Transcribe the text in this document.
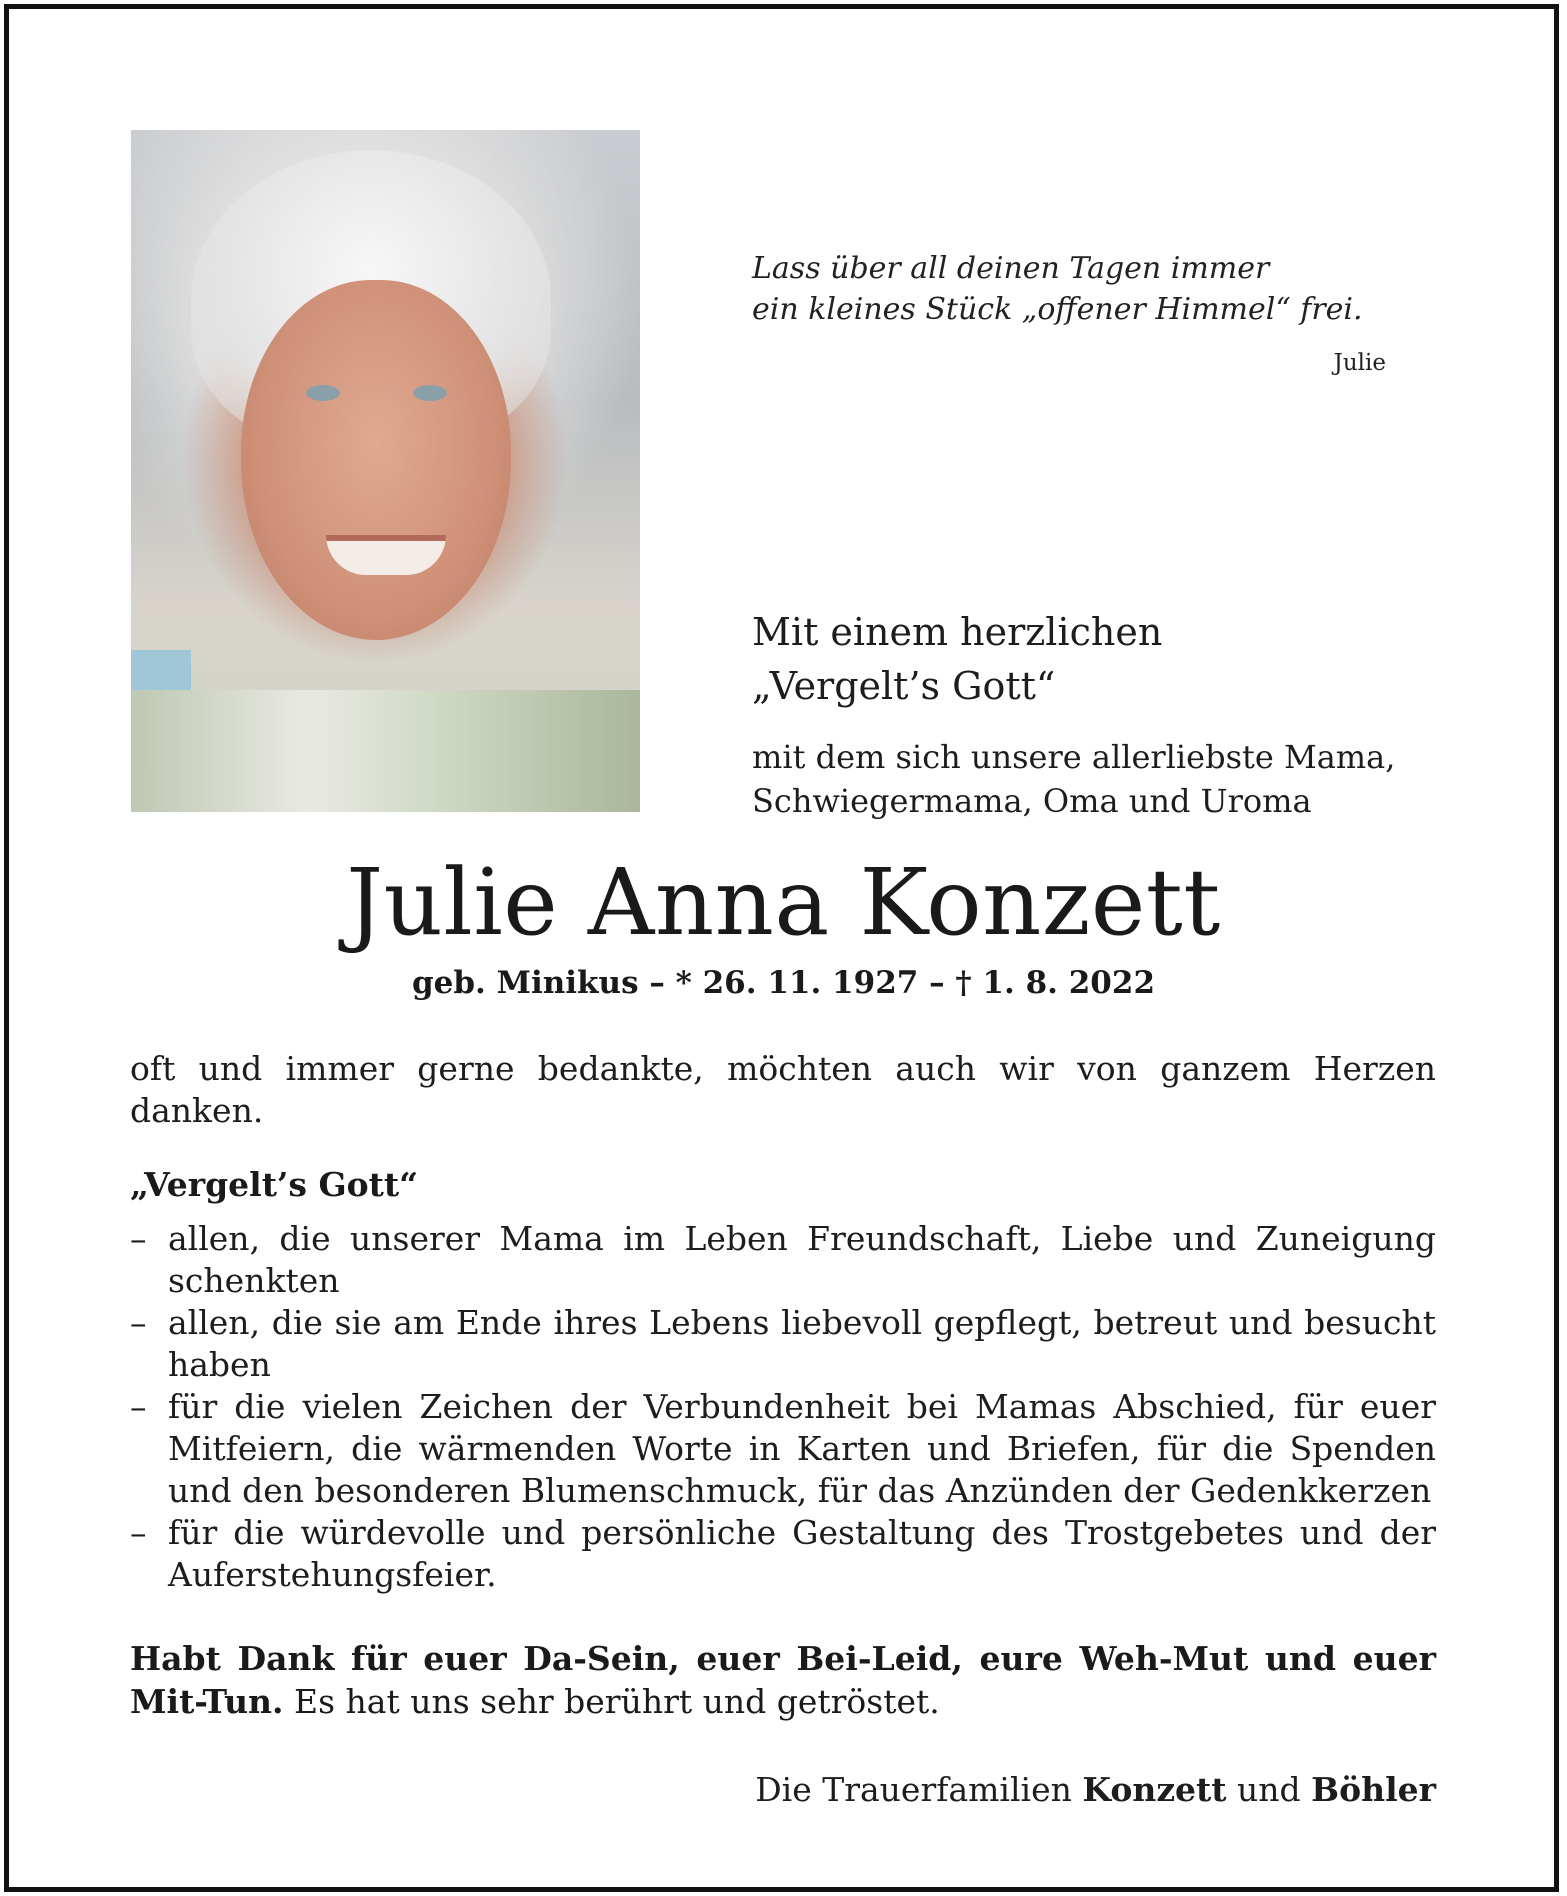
Lass über all deinen Tagen immer
ein kleines Stück „offener Himmel“ frei.
Julie
Mit einem herzlichen
„Vergelt’s Gott“
mit dem sich unsere allerliebste Mama,
Schwiegermama, Oma und Uroma
Julie Anna Konzett
geb. Minikus – * 26. 11. 1927 – † 1. 8. 2022
oft und immer gerne bedankte, möchten auch wir von ganzem Herzen danken.
„Vergelt’s Gott“
– allen, die unserer Mama im Leben Freundschaft, Liebe und Zuneigung schenkten
– allen, die sie am Ende ihres Lebens liebevoll gepflegt, betreut und besucht haben
– für die vielen Zeichen der Verbundenheit bei Mamas Abschied, für euer Mitfeiern, die wärmenden Worte in Karten und Briefen, für die Spenden und den besonderen Blumenschmuck, für das Anzünden der Gedenkkerzen
– für die würdevolle und persönliche Gestaltung des Trostgebetes und der Auferstehungsfeier.
Habt Dank für euer Da-Sein, euer Bei-Leid, eure Weh-Mut und euer Mit-Tun. Es hat uns sehr berührt und getröstet.
Die Trauerfamilien Konzett und Böhler
